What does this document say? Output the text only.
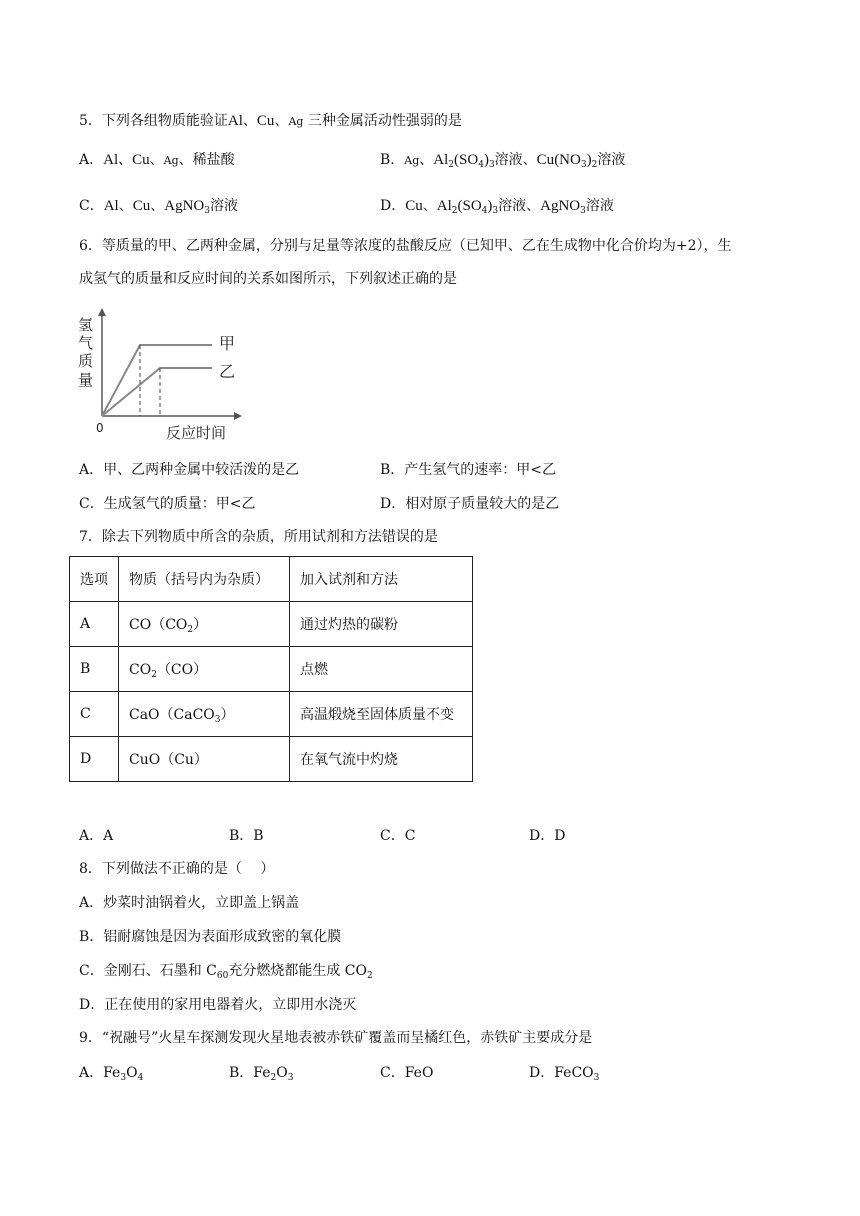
5．下列各组物质能验证Al、Cu、Ag 三种金属活动性强弱的是
A．Al、Cu、Ag、稀盐酸	B．Ag、$Al_2(SO_4)_3$溶液、$Cu(NO_3)_2$溶液
C．Al、Cu、AgNO$_3$溶液	D．Cu、$Al_2(SO_4)_3$溶液、AgNO$_3$溶液
6．等质量的甲、乙两种金属，分别与足量等浓度的盐酸反应（已知甲、乙在生成物中化合价均为+2），生
成氢气的质量和反应时间的关系如图所示，下列叙述正确的是
氢
气
质
量
甲
乙
0	反应时间
A．甲、乙两种金属中较活泼的是乙	B．产生氢气的速率：甲<乙
C．生成氢气的质量：甲<乙	D．相对原子质量较大的是乙
7．除去下列物质中所含的杂质，所用试剂和方法错误的是
选项	物质（括号内为杂质）	加入试剂和方法
A	$CO(CO_2)$	通过灼热的碳粉
B	$CO_2(CO)$	点燃
C	CaO（CaCO$_3$）	高温煅烧至固体质量不变
D	CuO（Cu）	在氧气流中灼烧
A．A	B．B	C．C	D．D
8．下列做法不正确的是（　 ）
A．炒菜时油锅着火，立即盖上锅盖
B．铝耐腐蚀是因为表面形成致密的氧化膜
C．金刚石、石墨和 $C_{60}$充分燃烧都能生成 $CO_2$
D．正在使用的家用电器着火，立即用水浇灭
9．“祝融号”火星车探测发现火星地表被赤铁矿覆盖而呈橘红色，赤铁矿主要成分是
A．$Fe_3O_4$	B．$Fe_2O_3$	C．FeO	D．FeCO$_3$
